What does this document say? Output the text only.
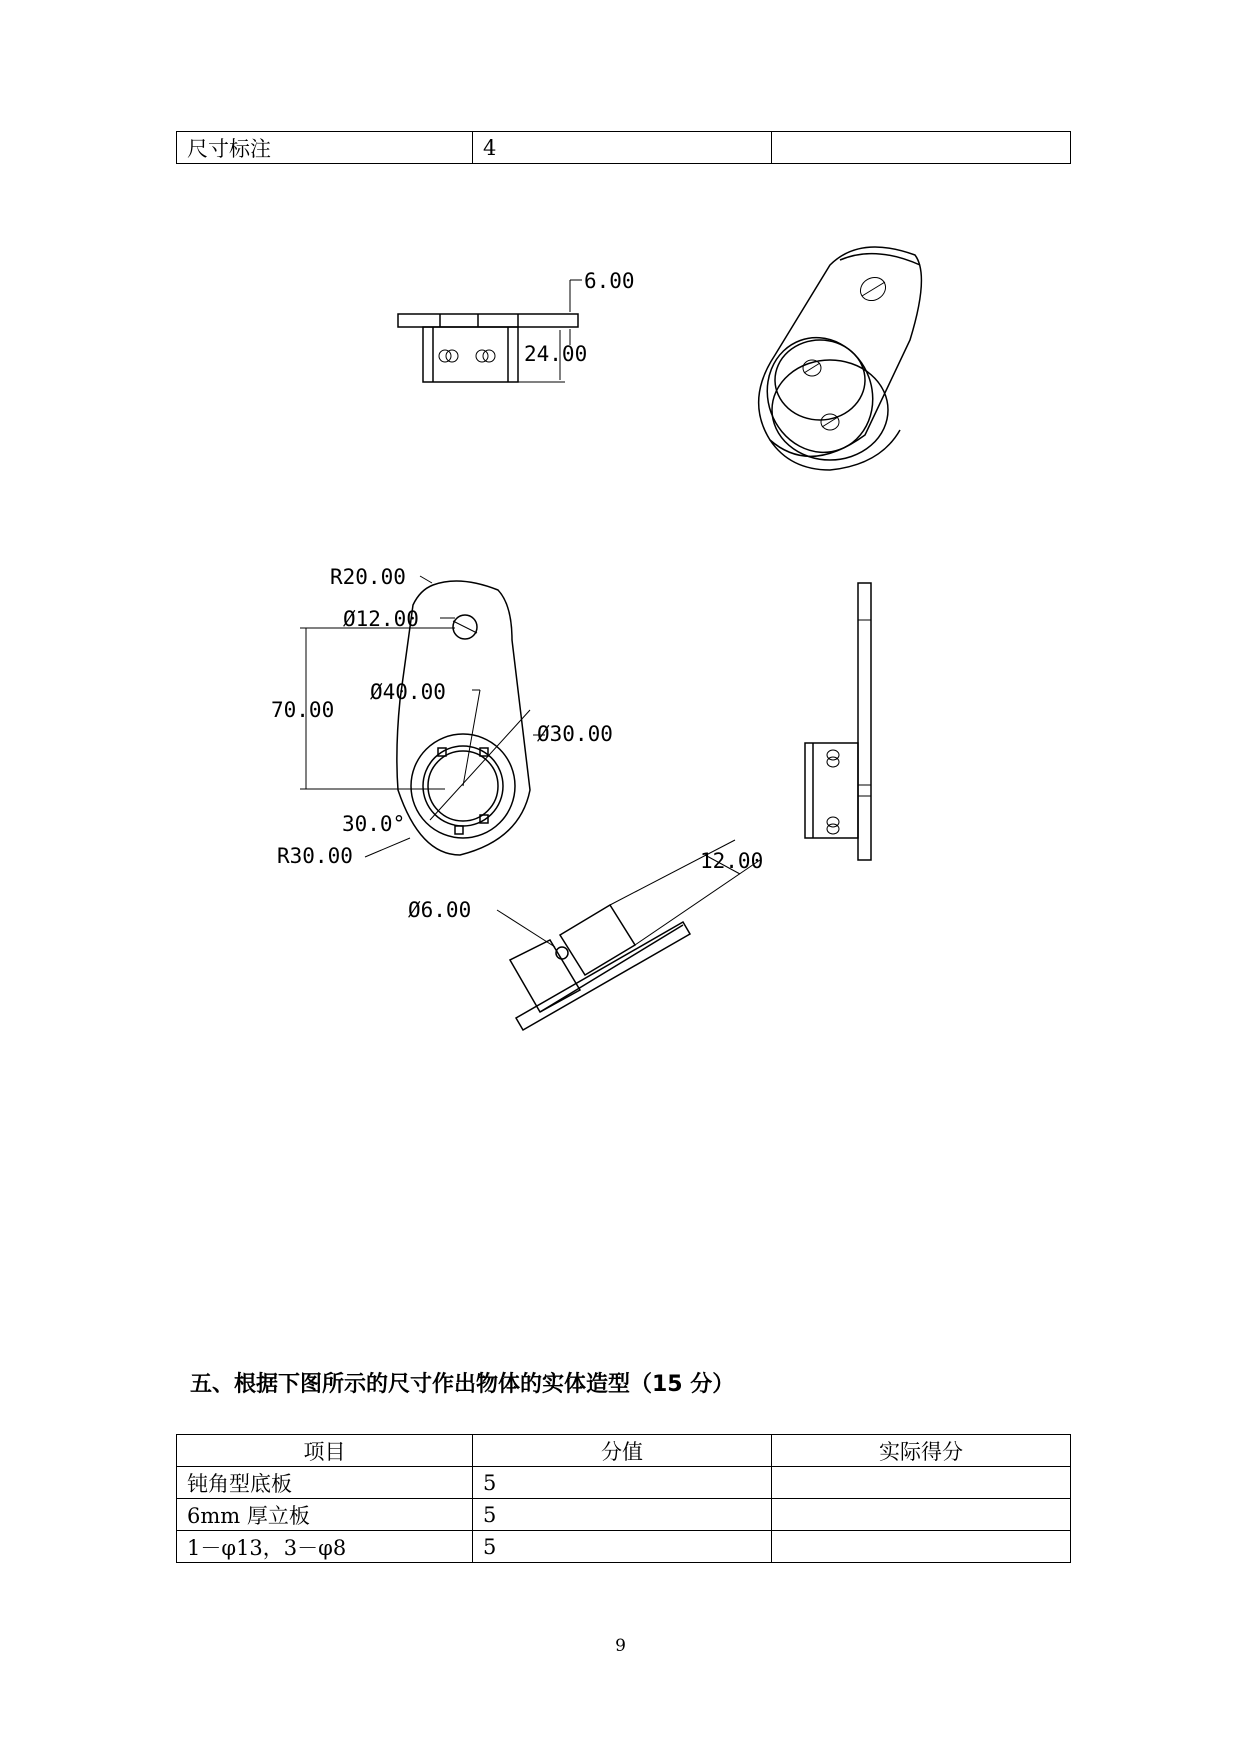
尺寸标注	4	
6.00
24.00
R20.00
Ø12.00
70.00
Ø40.00
Ø30.00
30.0°
R30.00
Ø6.00
12.00
五、根据下图所示的尺寸作出物体的实体造型（15 分）
项目	分值	实际得分
钝角型底板	5	
6mm 厚立板	5	
1－φ13，3－φ8	5	
9
